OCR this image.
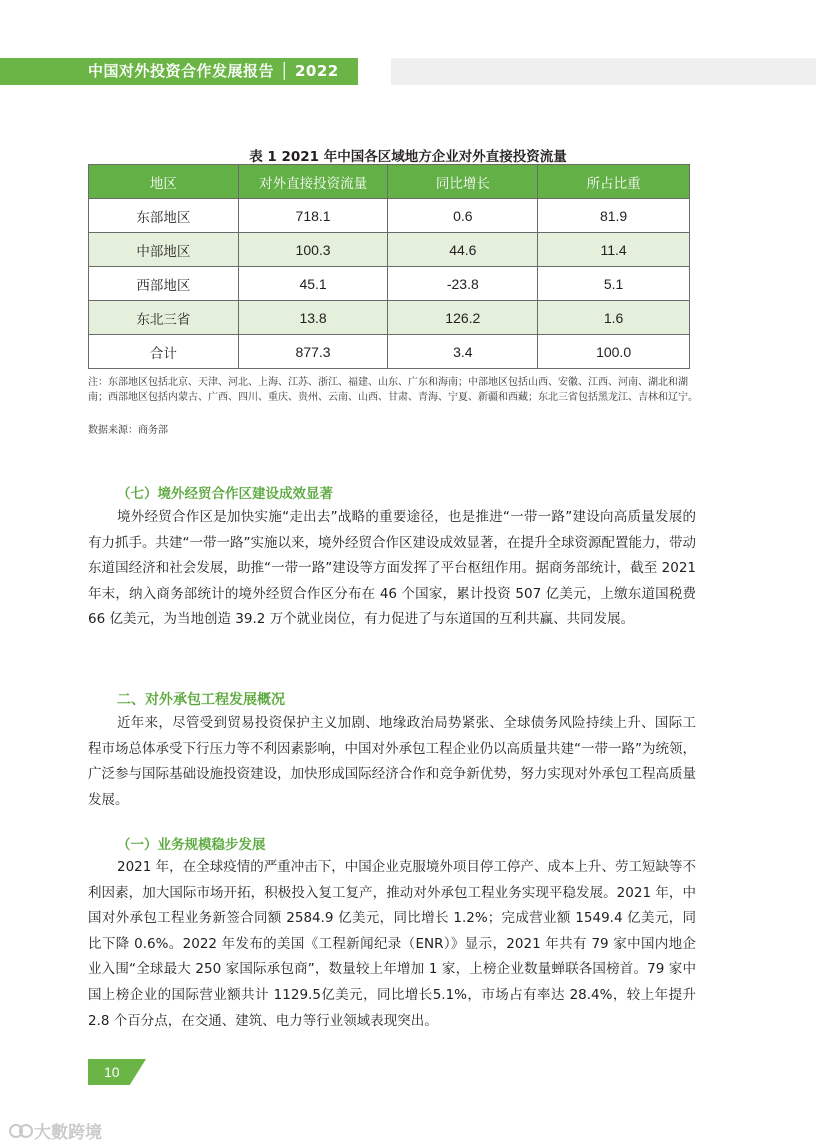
中国对外投资合作发展报告 │ 2022
表 1 2021 年中国各区域地方企业对外直接投资流量
地区	对外直接投资流量	同比增长	所占比重
东部地区	718.1	0.6	81.9
中部地区	100.3	44.6	11.4
西部地区	45.1	-23.8	5.1
东北三省	13.8	126.2	1.6
合计	877.3	3.4	100.0
注：东部地区包括北京、天津、河北、上海、江苏、浙江、福建、山东、广东和海南；中部地区包括山西、安徽、江西、河南、湖北和湖南；西部地区包括内蒙古、广西、四川、重庆、贵州、云南、山西、甘肃、青海、宁夏、新疆和西藏；东北三省包括黑龙江、吉林和辽宁。
数据来源：商务部
（七）境外经贸合作区建设成效显著
境外经贸合作区是加快实施“走出去”战略的重要途径，也是推进“一带一路”建设向高质量发展的有力抓手。共建“一带一路”实施以来，境外经贸合作区建设成效显著，在提升全球资源配置能力，带动东道国经济和社会发展，助推“一带一路”建设等方面发挥了平台枢纽作用。据商务部统计，截至 2021 年末，纳入商务部统计的境外经贸合作区分布在 46 个国家，累计投资 507 亿美元，上缴东道国税费 66 亿美元，为当地创造 39.2 万个就业岗位，有力促进了与东道国的互利共赢、共同发展。
二、对外承包工程发展概况
近年来，尽管受到贸易投资保护主义加剧、地缘政治局势紧张、全球债务风险持续上升、国际工程市场总体承受下行压力等不利因素影响，中国对外承包工程企业仍以高质量共建“一带一路”为统领，广泛参与国际基础设施投资建设，加快形成国际经济合作和竞争新优势，努力实现对外承包工程高质量发展。
（一）业务规模稳步发展
2021 年，在全球疫情的严重冲击下，中国企业克服境外项目停工停产、成本上升、劳工短缺等不利因素，加大国际市场开拓，积极投入复工复产，推动对外承包工程业务实现平稳发展。2021 年，中国对外承包工程业务新签合同额 2584.9 亿美元，同比增长 1.2%；完成营业额 1549.4 亿美元，同比下降 0.6%。2022 年发布的美国《工程新闻纪录（ENR）》显示，2021 年共有 79 家中国内地企业入围“全球最大 250 家国际承包商”，数量较上年增加 1 家，上榜企业数量蝉联各国榜首。79 家中国上榜企业的国际营业额共计 1129.5亿美元，同比增长5.1%，市场占有率达 28.4%，较上年提升 2.8 个百分点，在交通、建筑、电力等行业领域表现突出。
10
大數跨境
